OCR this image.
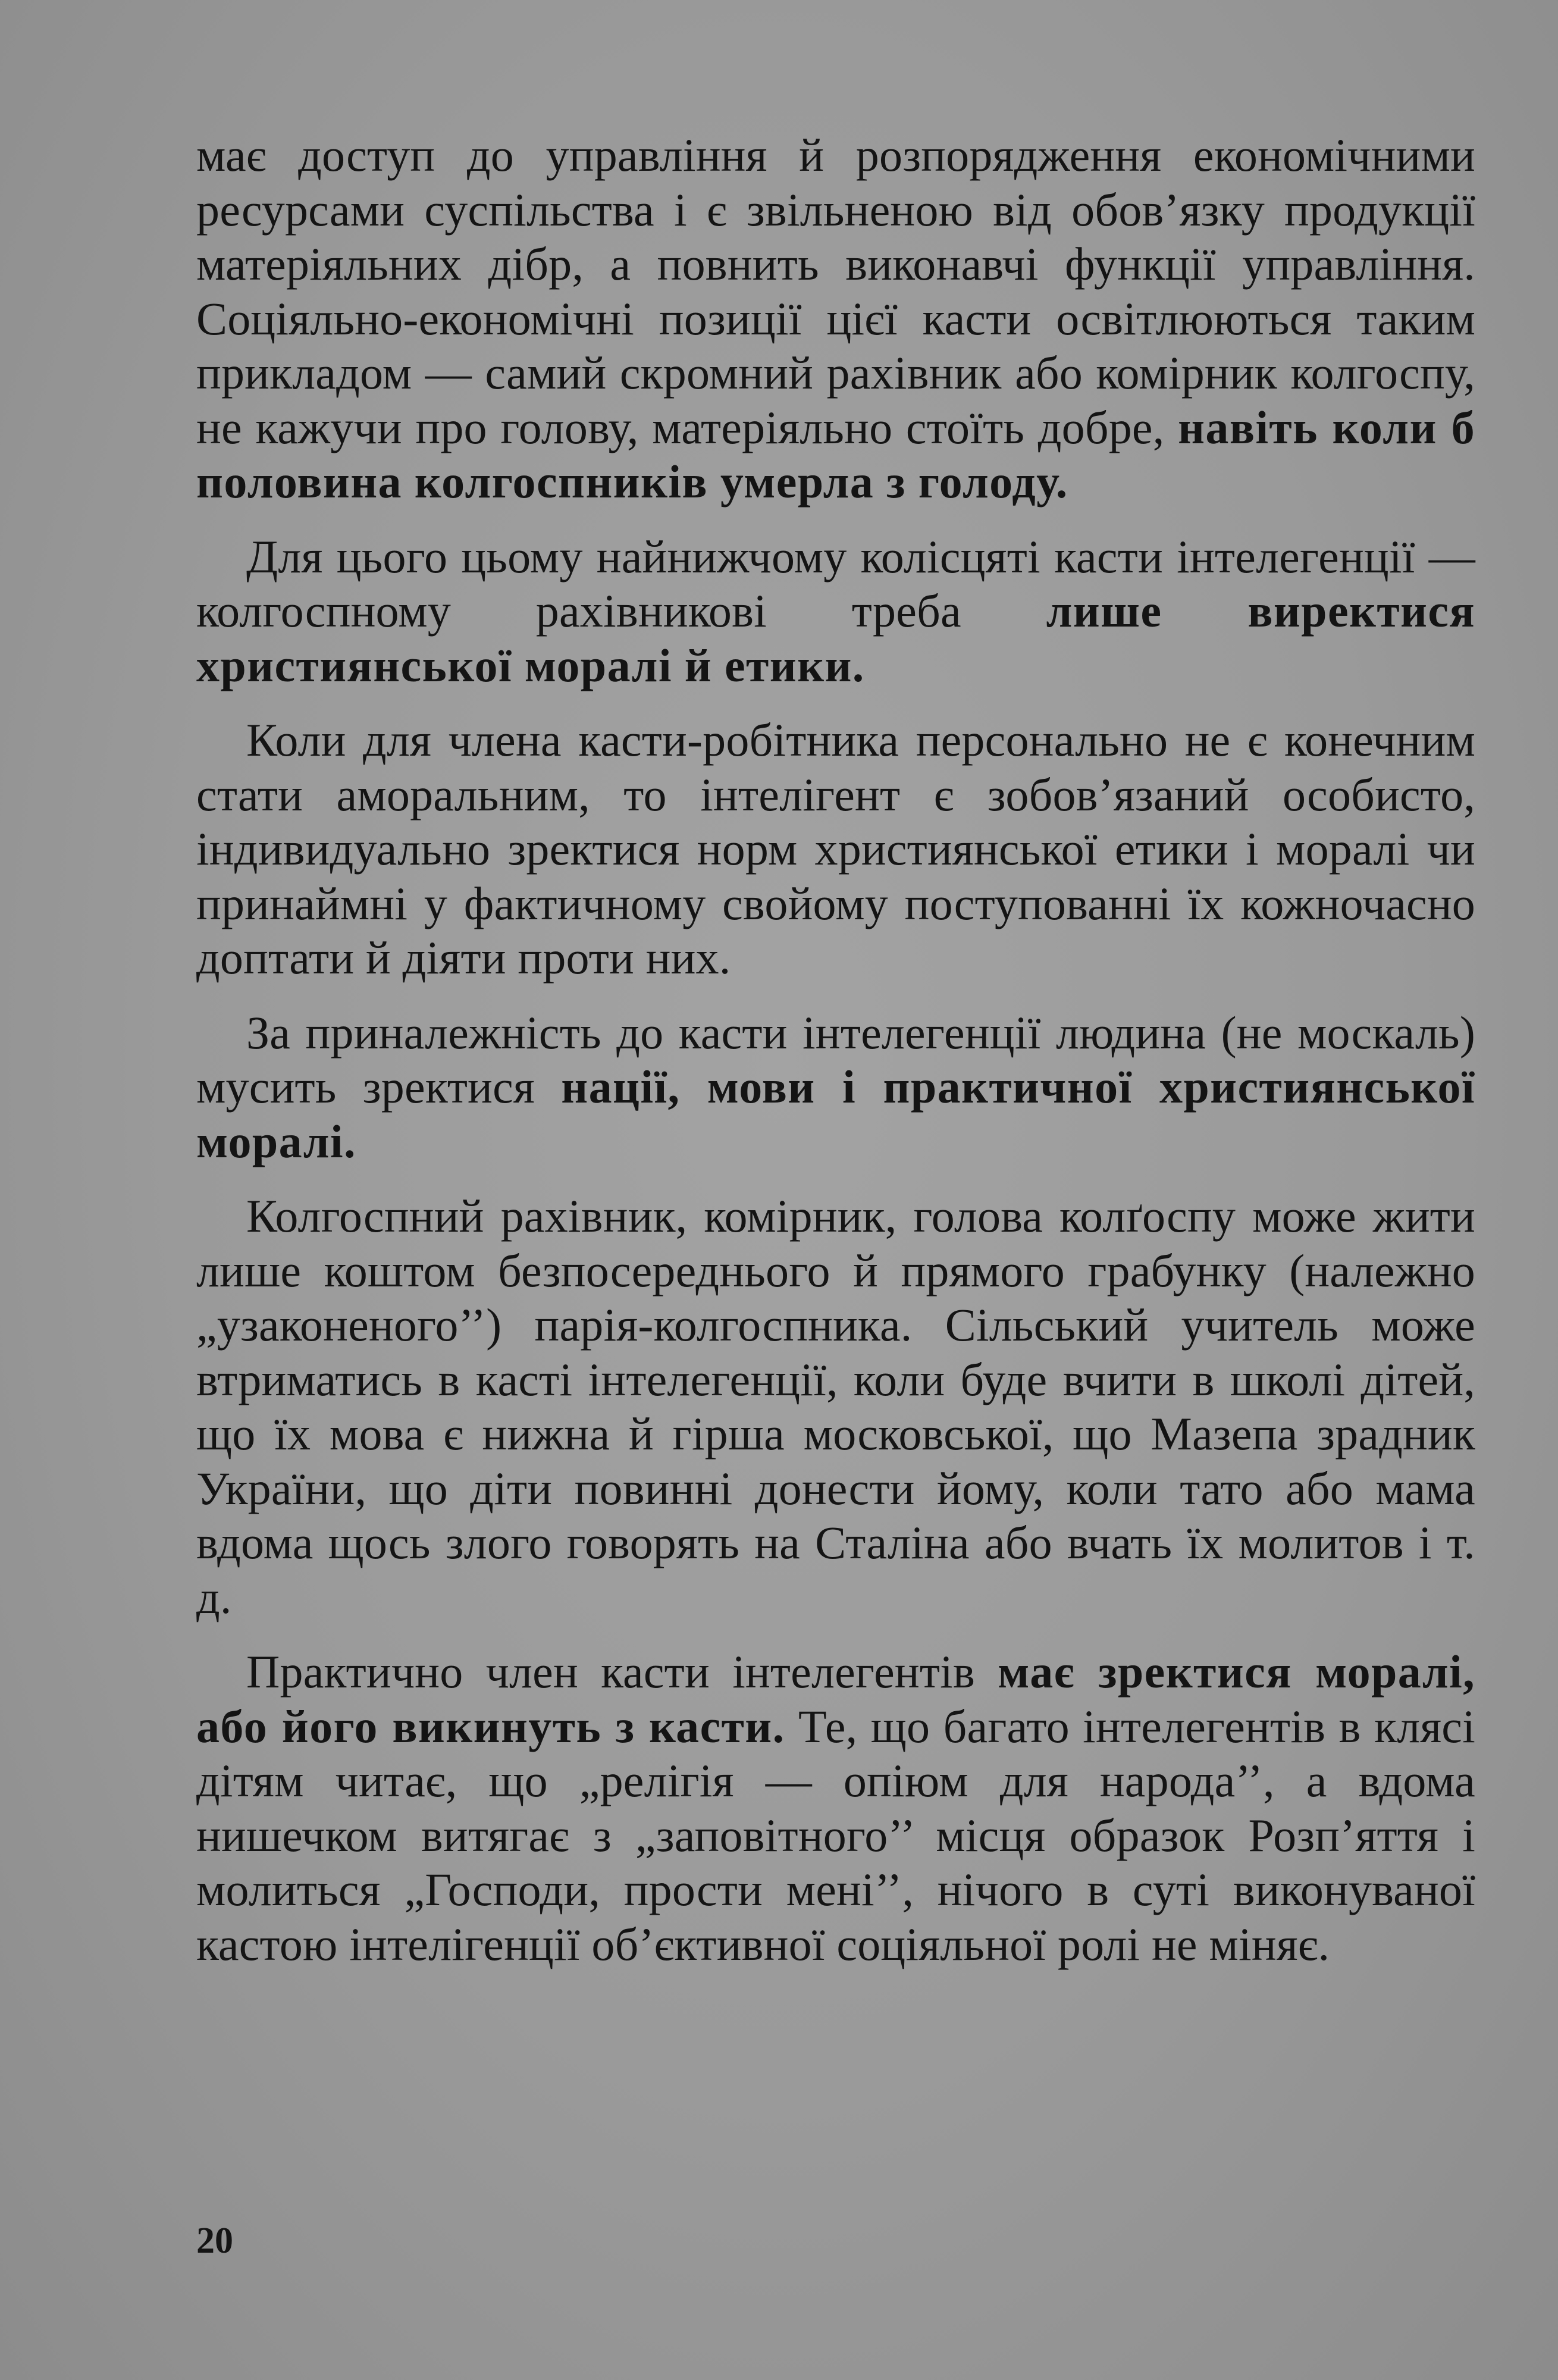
має доступ до управління й розпорядження економічними ресурсами суспільства і є звільненою від обов’язку продукції матеріяльних дібр, а повнить виконавчі функції управління. Соціяльно-економічні позиції цієї касти освітлюються таким прикладом — самий скромний рахівник або комірник колгоспу, не кажучи про голову, матеріяльно стоїть добре, навіть коли б половина колгоспників умерла з голоду.

Для цього цьому найнижчому колісцяті касти інтелегенції — колгоспному рахівникові треба лише виректися християнської моралі й етики.

Коли для члена касти-робітника персонально не є конечним стати аморальним, то інтелігент є зобов’язаний особисто, індивидуально зректися норм християнської етики і моралі чи принаймні у фактичному свойому поступованні їх кожночасно доптати й діяти проти них.

За приналежність до касти інтелегенції людина (не москаль) мусить зректися нації, мови і практичної християнської моралі.

Колгоспний рахівник, комірник, голова колґоспу може жити лише коштом безпосереднього й прямого грабунку (належно „узаконеного’’) парія-колгоспника. Сільський учитель може втриматись в касті інтелегенції, коли буде вчити в школі дітей, що їх мова є нижна й гірша московської, що Мазепа зрадник України, що діти повинні донести йому, коли тато або мама вдома щось злого говорять на Сталіна або вчать їх молитов і т. д.

Практично член касти інтелегентів має зректися моралі, або його викинуть з касти. Те, що багато інтелегентів в клясі дітям читає, що „релігія — опіюм для народа’’, а вдома нишечком витягає з „заповітного’’ місця образок Розп’яття і молиться „Господи, прости мені’’, нічого в суті виконуваної кастою інтелігенції об’єктивної соціяльної ролі не міняє.

20
